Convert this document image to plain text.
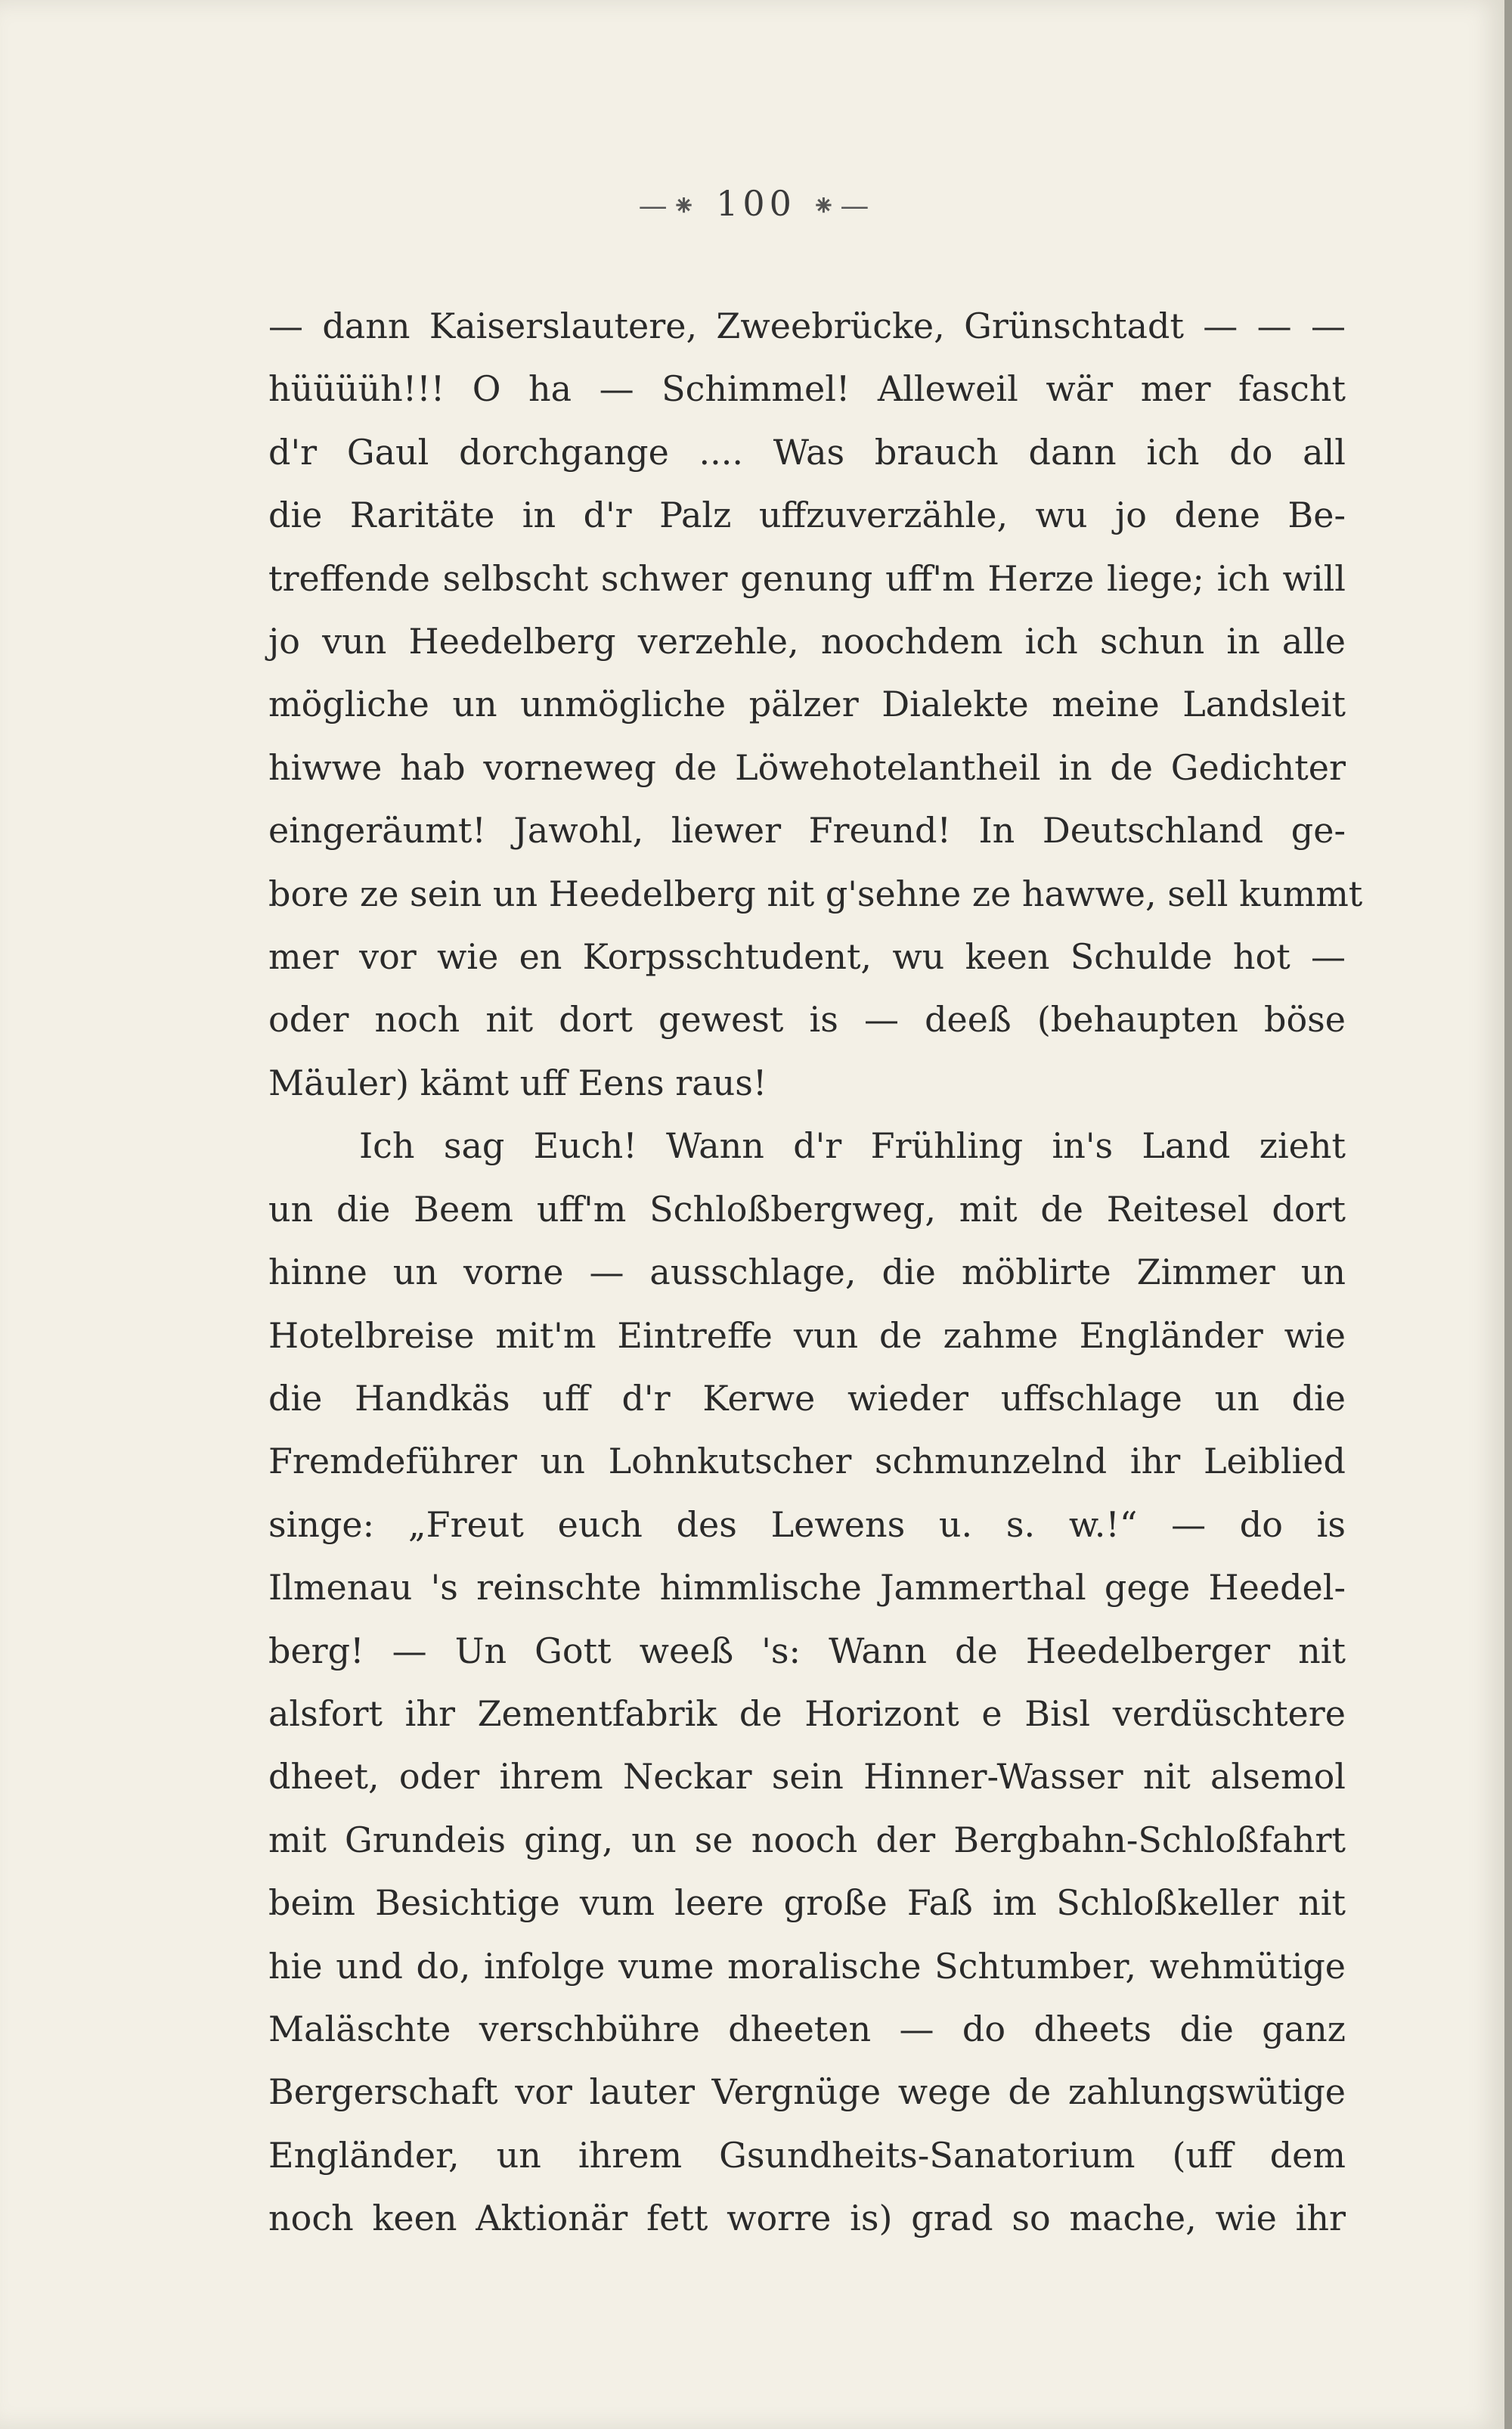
—⁕ 100 ⁕—
— dann Kaiserslautere, Zweebrücke, Grünschtadt — — —
hüüüüh!!! O ha — Schimmel! Alleweil wär mer fascht
d'r Gaul dorchgange .... Was brauch dann ich do all
die Raritäte in d'r Palz uffzuverzähle, wu jo dene Be-
treffende selbscht schwer genung uff'm Herze liege; ich will
jo vun Heedelberg verzehle, noochdem ich schun in alle
mögliche un unmögliche pälzer Dialekte meine Landsleit
hiwwe hab vorneweg de Löwehotelantheil in de Gedichter
eingeräumt! Jawohl, liewer Freund! In Deutschland ge-
bore ze sein un Heedelberg nit g'sehne ze hawwe, sell kummt
mer vor wie en Korpsschtudent, wu keen Schulde hot —
oder noch nit dort gewest is — deeß (behaupten böse
Mäuler) kämt uff Eens raus!
Ich sag Euch! Wann d'r Frühling in's Land zieht
un die Beem uff'm Schloßbergweg, mit de Reitesel dort
hinne un vorne — ausschlage, die möblirte Zimmer un
Hotelbreise mit'm Eintreffe vun de zahme Engländer wie
die Handkäs uff d'r Kerwe wieder uffschlage un die
Fremdeführer un Lohnkutscher schmunzelnd ihr Leiblied
singe: „Freut euch des Lewens u. s. w.!“ — do is
Ilmenau 's reinschte himmlische Jammerthal gege Heedel-
berg! — Un Gott weeß 's: Wann de Heedelberger nit
alsfort ihr Zementfabrik de Horizont e Bisl verdüschtere
dheet, oder ihrem Neckar sein Hinner-Wasser nit alsemol
mit Grundeis ging, un se nooch der Bergbahn-Schloßfahrt
beim Besichtige vum leere große Faß im Schloßkeller nit
hie und do, infolge vume moralische Schtumber, wehmütige
Maläschte verschbühre dheeten — do dheets die ganz
Bergerschaft vor lauter Vergnüge wege de zahlungswütige
Engländer, un ihrem Gsundheits-Sanatorium (uff dem
noch keen Aktionär fett worre is) grad so mache, wie ihr
